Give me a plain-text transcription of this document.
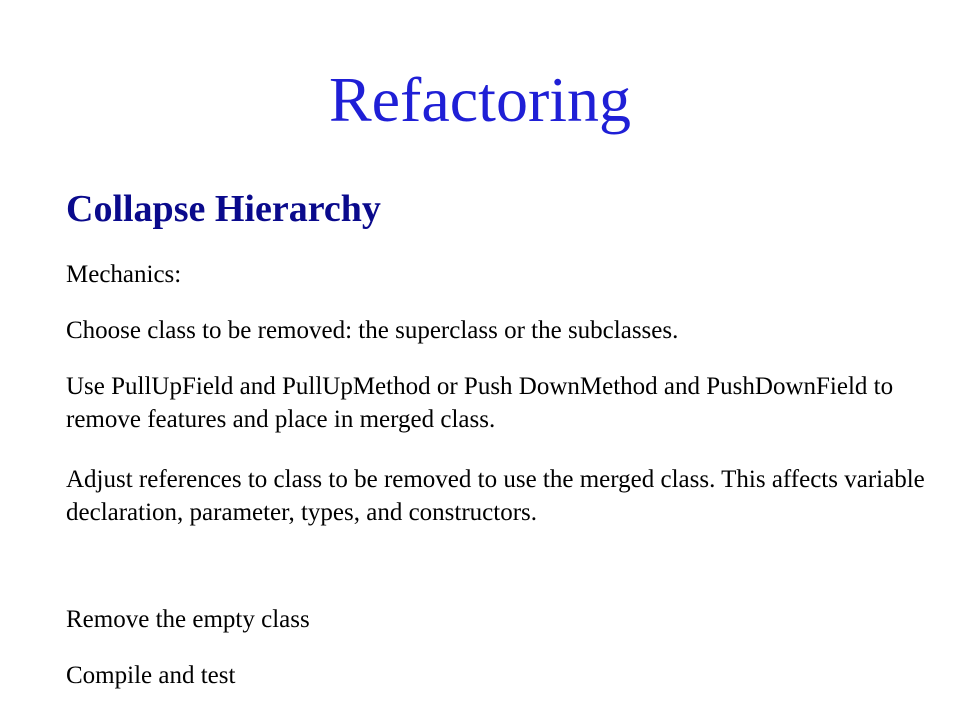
Refactoring
Collapse Hierarchy

Mechanics:

Choose class to be removed: the superclass or the subclasses.

Use PullUpField and PullUpMethod or Push DownMethod and PushDownField to remove features and place in merged class.

Adjust references to class to be removed to use the merged class. This affects variable declaration, parameter, types, and constructors.

Remove the empty class

Compile and test
